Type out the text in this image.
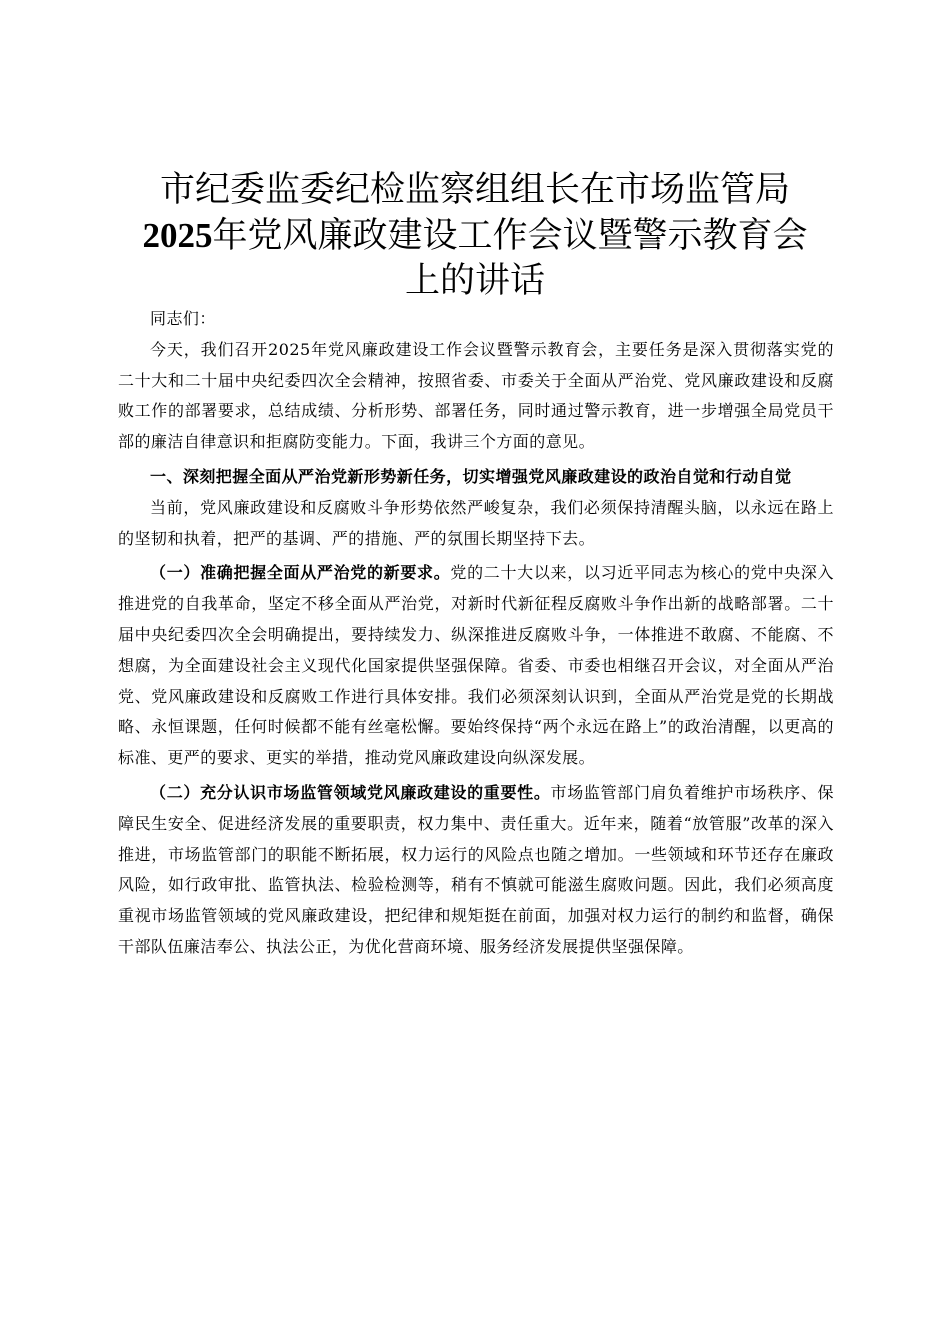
市纪委监委纪检监察组组长在市场监管局
2025年党风廉政建设工作会议暨警示教育会
上的讲话

同志们：

今天，我们召开2025年党风廉政建设工作会议暨警示教育会，主要任务是深入贯彻落实党的二十大和二十届中央纪委四次全会精神，按照省委、市委关于全面从严治党、党风廉政建设和反腐败工作的部署要求，总结成绩、分析形势、部署任务，同时通过警示教育，进一步增强全局党员干部的廉洁自律意识和拒腐防变能力。下面，我讲三个方面的意见。

一、深刻把握全面从严治党新形势新任务，切实增强党风廉政建设的政治自觉和行动自觉

当前，党风廉政建设和反腐败斗争形势依然严峻复杂，我们必须保持清醒头脑，以永远在路上的坚韧和执着，把严的基调、严的措施、严的氛围长期坚持下去。

（一）准确把握全面从严治党的新要求。党的二十大以来，以习近平同志为核心的党中央深入推进党的自我革命，坚定不移全面从严治党，对新时代新征程反腐败斗争作出新的战略部署。二十届中央纪委四次全会明确提出，要持续发力、纵深推进反腐败斗争，一体推进不敢腐、不能腐、不想腐，为全面建设社会主义现代化国家提供坚强保障。省委、市委也相继召开会议，对全面从严治党、党风廉政建设和反腐败工作进行具体安排。我们必须深刻认识到，全面从严治党是党的长期战略、永恒课题，任何时候都不能有丝毫松懈。要始终保持“两个永远在路上”的政治清醒，以更高的标准、更严的要求、更实的举措，推动党风廉政建设向纵深发展。

（二）充分认识市场监管领域党风廉政建设的重要性。市场监管部门肩负着维护市场秩序、保障民生安全、促进经济发展的重要职责，权力集中、责任重大。近年来，随着“放管服”改革的深入推进，市场监管部门的职能不断拓展，权力运行的风险点也随之增加。一些领域和环节还存在廉政风险，如行政审批、监管执法、检验检测等，稍有不慎就可能滋生腐败问题。因此，我们必须高度重视市场监管领域的党风廉政建设，把纪律和规矩挺在前面，加强对权力运行的制约和监督，确保干部队伍廉洁奉公、执法公正，为优化营商环境、服务经济发展提供坚强保障。
